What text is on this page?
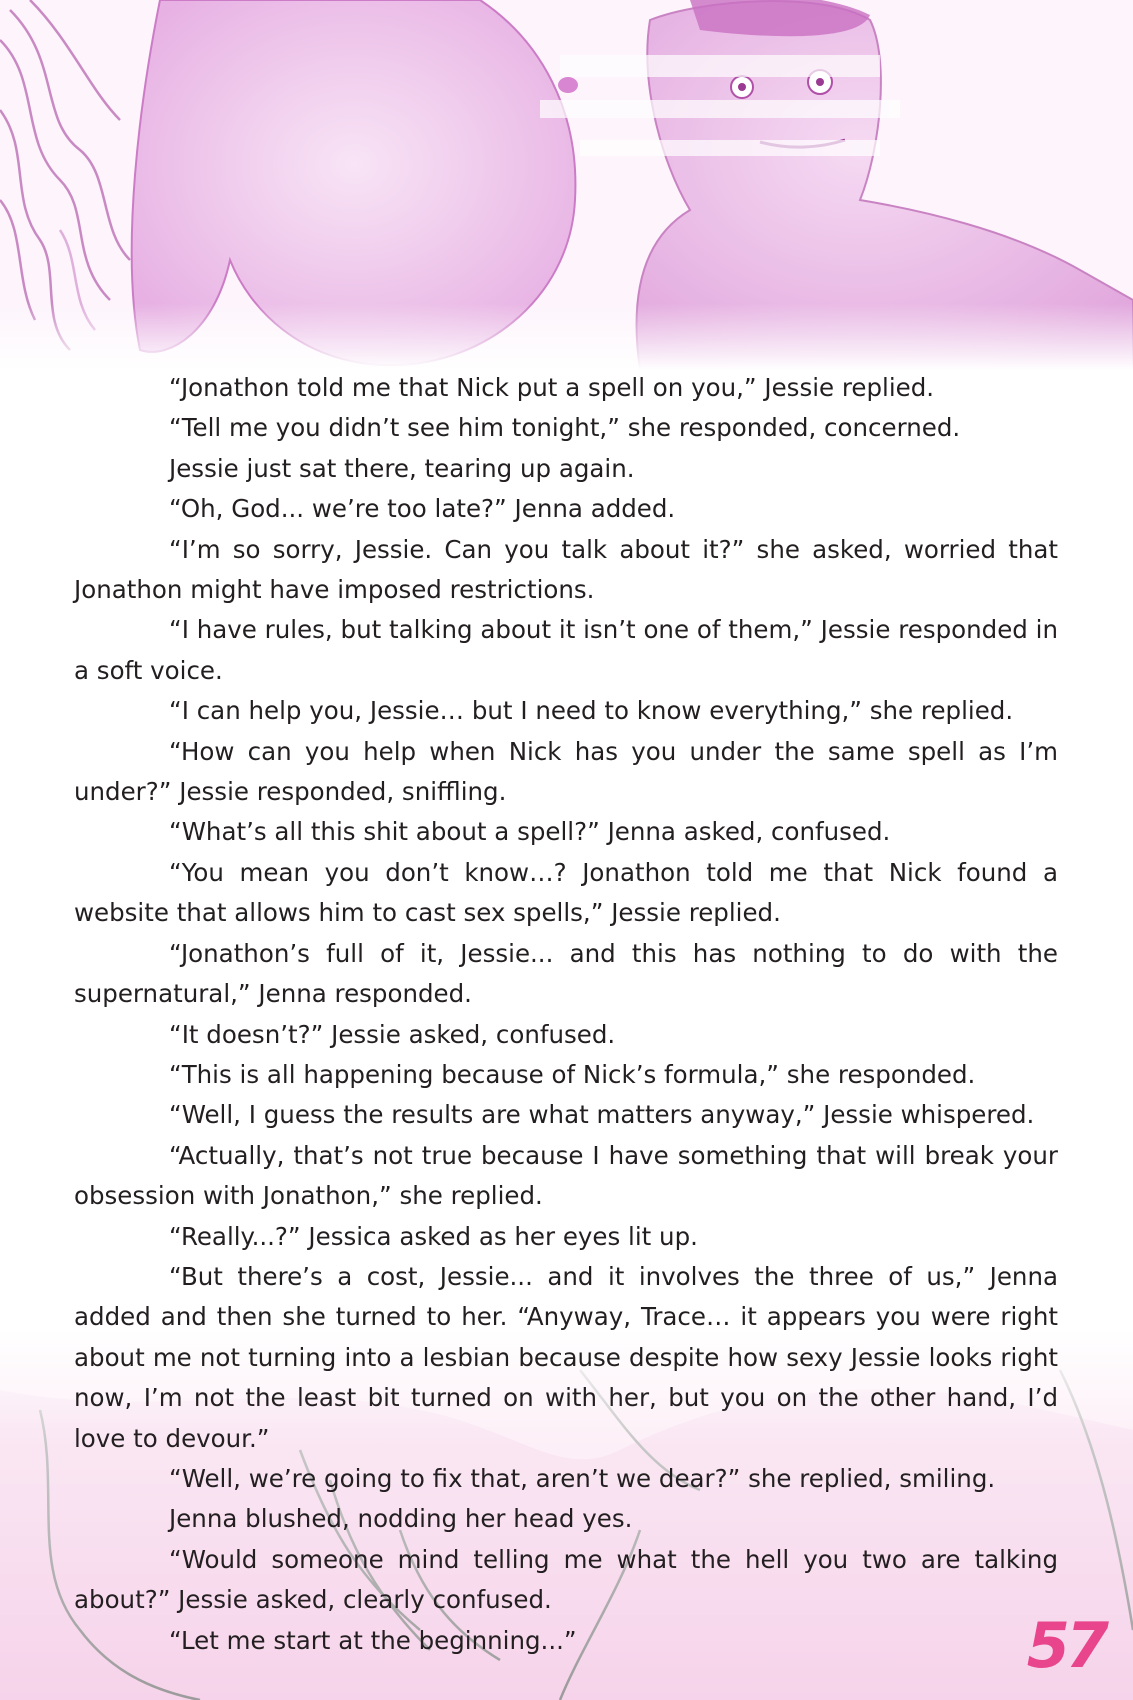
“Jonathon told me that Nick put a spell on you,” Jessie replied.

“Tell me you didn’t see him tonight,” she responded, concerned.

Jessie just sat there, tearing up again.

“Oh, God... we’re too late?” Jenna added.

“I’m so sorry, Jessie. Can you talk about it?” she asked, worried that Jonathon might have imposed restrictions.

“I have rules, but talking about it isn’t one of them,” Jessie responded in a soft voice.

“I can help you, Jessie… but I need to know everything,” she replied.

“How can you help when Nick has you under the same spell as I’m under?” Jessie responded, sniffling.

“What’s all this shit about a spell?” Jenna asked, confused.

“You mean you don’t know…? Jonathon told me that Nick found a website that allows him to cast sex spells,” Jessie replied.

“Jonathon’s full of it, Jessie... and this has nothing to do with the supernatural,” Jenna responded.

“It doesn’t?” Jessie asked, confused.

“This is all happening because of Nick’s formula,” she responded.

“Well, I guess the results are what matters anyway,” Jessie whispered.

“Actually, that’s not true because I have something that will break your obsession with Jonathon,” she replied.

“Really...?” Jessica asked as her eyes lit up.

“But there’s a cost, Jessie... and it involves the three of us,” Jenna added and then she turned to her. “Anyway, Trace… it appears you were right about me not turning into a lesbian because despite how sexy Jessie looks right now, I’m not the least bit turned on with her, but you on the other hand, I’d love to devour.”

“Well, we’re going to fix that, aren’t we dear?” she replied, smiling.

Jenna blushed, nodding her head yes.

“Would someone mind telling me what the hell you two are talking about?” Jessie asked, clearly confused.

“Let me start at the beginning...”	57
